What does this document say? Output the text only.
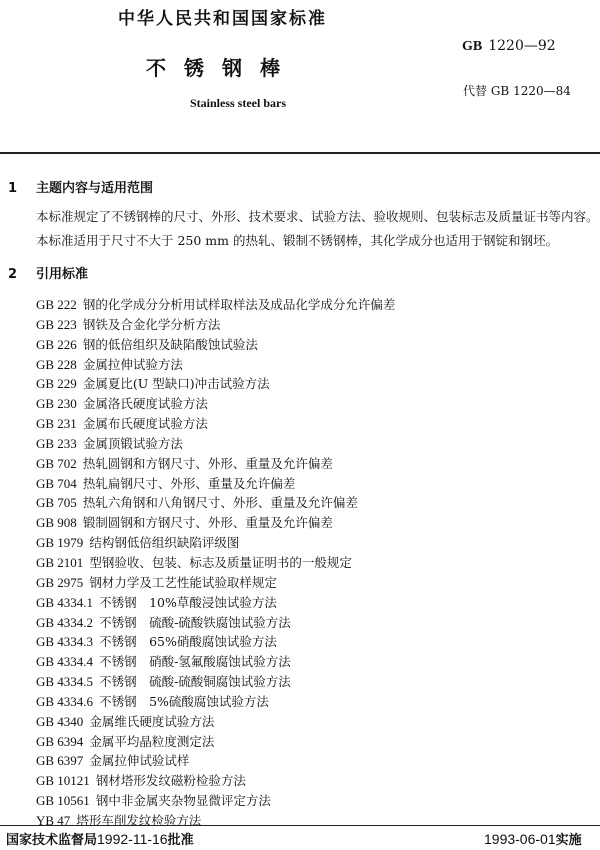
中华人民共和国国家标准
GB 1220—92
不锈钢棒
代替 GB 1220—84
Stainless steel bars
1 主题内容与适用范围
本标准规定了不锈钢棒的尺寸、外形、技术要求、试验方法、验收规则、包装标志及质量证书等内容。
本标准适用于尺寸不大于 250 mm 的热轧、锻制不锈钢棒，其化学成分也适用于钢锭和钢坯。
2 引用标准
GB 222 钢的化学成分分析用试样取样法及成品化学成分允许偏差
GB 223 钢铁及合金化学分析方法
GB 226 钢的低倍组织及缺陷酸蚀试验法
GB 228 金属拉伸试验方法
GB 229 金属夏比(U 型缺口)冲击试验方法
GB 230 金属洛氏硬度试验方法
GB 231 金属布氏硬度试验方法
GB 233 金属顶锻试验方法
GB 702 热轧圆钢和方钢尺寸、外形、重量及允许偏差
GB 704 热轧扁钢尺寸、外形、重量及允许偏差
GB 705 热轧六角钢和八角钢尺寸、外形、重量及允许偏差
GB 908 锻制圆钢和方钢尺寸、外形、重量及允许偏差
GB 1979 结构钢低倍组织缺陷评级图
GB 2101 型钢验收、包装、标志及质量证明书的一般规定
GB 2975 钢材力学及工艺性能试验取样规定
GB 4334.1 不锈钢　10%草酸浸蚀试验方法
GB 4334.2 不锈钢　硫酸-硫酸铁腐蚀试验方法
GB 4334.3 不锈钢　65%硝酸腐蚀试验方法
GB 4334.4 不锈钢　硝酸-氢氟酸腐蚀试验方法
GB 4334.5 不锈钢　硫酸-硫酸铜腐蚀试验方法
GB 4334.6 不锈钢　5%硫酸腐蚀试验方法
GB 4340 金属维氏硬度试验方法
GB 6394 金属平均晶粒度测定法
GB 6397 金属拉伸试验试样
GB 10121 钢材塔形发纹磁粉检验方法
GB 10561 钢中非金属夹杂物显微评定方法
YB 47 塔形车削发纹检验方法
国家技术监督局1992-11-16批准	1993-06-01实施
